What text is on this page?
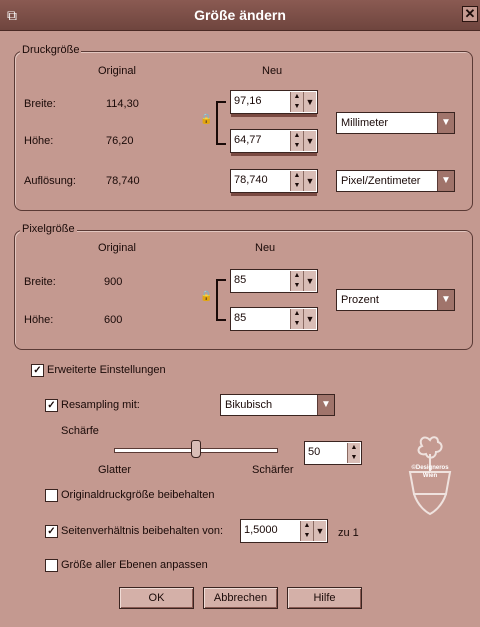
⧉	Größe ändern	✕
Druckgröße
Original	Neu
Breite:	114,30	97,16	▲
▼ ▼
🔒
Höhe:	76,20	64,77	▲
▼ ▼
Millimeter	▼
Auflösung:	78,740	78,740	▲
▼ ▼ Pixel/Zentimeter	▼
Pixelgröße
Original	Neu
Breite:	900	85	▲
▼ ▼
🔒
Höhe:	600	85	▲
▼ ▼
Prozent	▼
✓ Erweiterte Einstellungen
✓ Resampling mit:	Bikubisch	▼
Schärfe
Glatter	Schärfer
50	▲
▼
©Designeros
Wien
Originaldruckgröße beibehalten
✓ Seitenverhältnis beibehalten von: 1,5000	▲
▼ ▼ zu 1
Größe aller Ebenen anpassen
OK	Abbrechen	Hilfe
